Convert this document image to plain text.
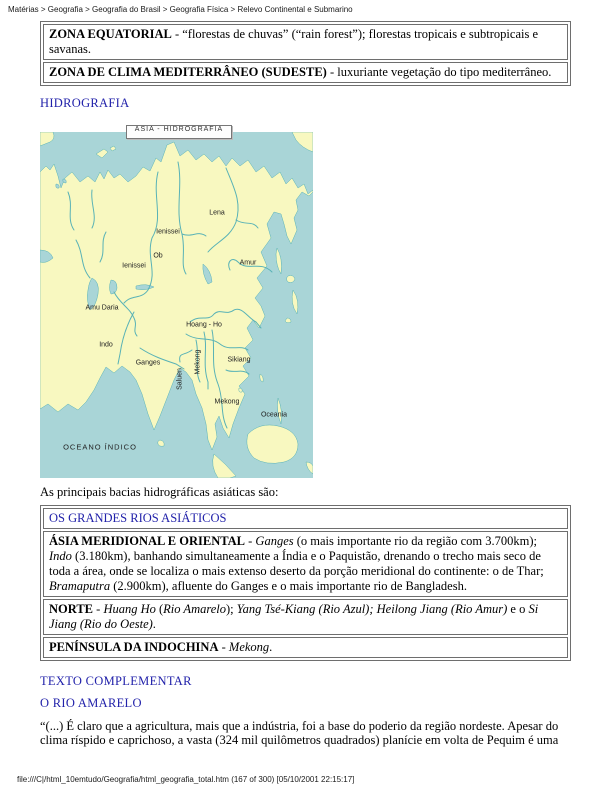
Matérias > Geografia > Geografia do Brasil > Geografia Física > Relevo Continental e Submarino
ZONA EQUATORIAL - “florestas de chuvas” (“rain forest”); florestas tropicais e subtropicais e savanas.
ZONA DE CLIMA MEDITERRÂNEO (SUDESTE) - luxuriante vegetação do tipo mediterrâneo.
HIDROGRAFIA
ASIA - HIDROGRAFIA
Lena
Ienissei
Ob
Ienissei	Amur
Amu Daria
Hoang - Ho
Indo
Ganges	Sikiang
Mekong
Oceania
OCEANO ÍNDICO
Saluen
Mekong
As principais bacias hidrográficas asiáticas são:
OS GRANDES RIOS ASIÁTICOS
ÁSIA MERIDIONAL E ORIENTAL - Ganges (o mais importante rio da região com 3.700km); Indo (3.180km), banhando simultaneamente a Índia e o Paquistão, drenando o trecho mais seco de toda a área, onde se localiza o mais extenso deserto da porção meridional do continente: o de Thar; Bramaputra (2.900km), afluente do Ganges e o mais importante rio de Bangladesh.
NORTE - Huang Ho (Rio Amarelo); Yang Tsé-Kiang (Rio Azul); Heilong Jiang (Rio Amur) e o Si Jiang (Rio do Oeste).
PENÍNSULA DA INDOCHINA - Mekong.
TEXTO COMPLEMENTAR
O RIO AMARELO
“(...) É claro que a agricultura, mais que a indústria, foi a base do poderio da região nordeste. Apesar do clima ríspido e caprichoso, a vasta (324 mil quilômetros quadrados) planície em volta de Pequim é uma
file:///C|/html_10emtudo/Geografia/html_geografia_total.htm (167 of 300) [05/10/2001 22:15:17]
